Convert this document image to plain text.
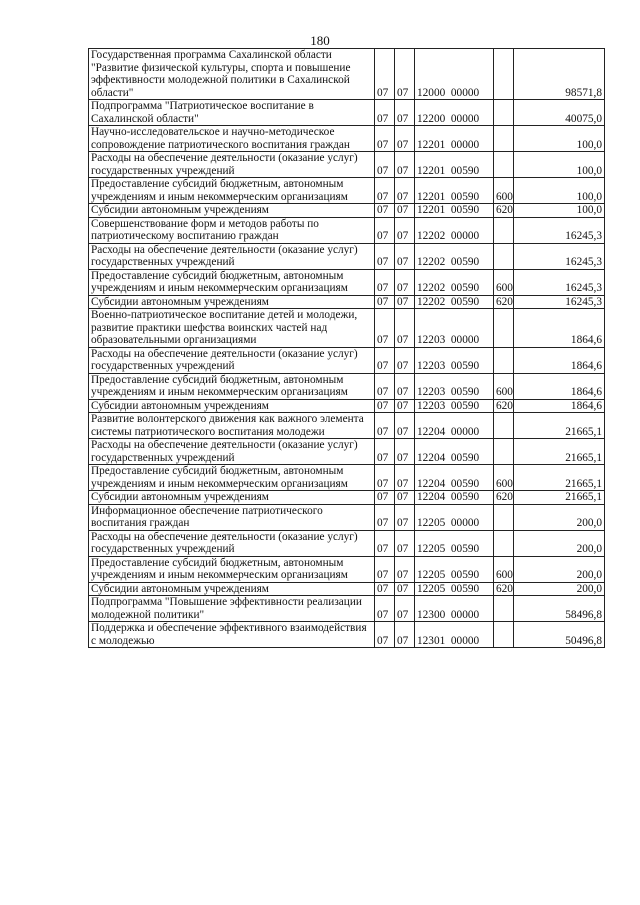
180
Государственная программа Сахалинской области "Развитие физической культуры, спорта и повышение эффективности молодежной политики в Сахалинской области"	07	07	12000  00000		98571,8
Подпрограмма "Патриотическое воспитание в Сахалинской области"	07	07	12200  00000		40075,0
Научно-исследовательское и научно-методическое сопровождение патриотического воспитания граждан	07	07	12201  00000		100,0
Расходы на обеспечение деятельности (оказание услуг) государственных учреждений	07	07	12201  00590		100,0
Предоставление субсидий бюджетным, автономным учреждениям и иным некоммерческим организациям	07	07	12201  00590	600	100,0
Субсидии автономным учреждениям	07	07	12201  00590	620	100,0
Совершенствование форм и методов работы по патриотическому воспитанию граждан	07	07	12202  00000		16245,3
Расходы на обеспечение деятельности (оказание услуг) государственных учреждений	07	07	12202  00590		16245,3
Предоставление субсидий бюджетным, автономным учреждениям и иным некоммерческим организациям	07	07	12202  00590	600	16245,3
Субсидии автономным учреждениям	07	07	12202  00590	620	16245,3
Военно-патриотическое воспитание детей и молодежи, развитие практики шефства воинских частей над образовательными организациями	07	07	12203  00000		1864,6
Расходы на обеспечение деятельности (оказание услуг) государственных учреждений	07	07	12203  00590		1864,6
Предоставление субсидий бюджетным, автономным учреждениям и иным некоммерческим организациям	07	07	12203  00590	600	1864,6
Субсидии автономным учреждениям	07	07	12203  00590	620	1864,6
Развитие волонтерского движения как важного элемента системы патриотического воспитания молодежи	07	07	12204  00000		21665,1
Расходы на обеспечение деятельности (оказание услуг) государственных учреждений	07	07	12204  00590		21665,1
Предоставление субсидий бюджетным, автономным учреждениям и иным некоммерческим организациям	07	07	12204  00590	600	21665,1
Субсидии автономным учреждениям	07	07	12204  00590	620	21665,1
Информационное обеспечение патриотического воспитания граждан	07	07	12205  00000		200,0
Расходы на обеспечение деятельности (оказание услуг) государственных учреждений	07	07	12205  00590		200,0
Предоставление субсидий бюджетным, автономным учреждениям и иным некоммерческим организациям	07	07	12205  00590	600	200,0
Субсидии автономным учреждениям	07	07	12205  00590	620	200,0
Подпрограмма "Повышение эффективности реализации молодежной политики"	07	07	12300  00000		58496,8
Поддержка и обеспечение эффективного взаимодействия с молодежью	07	07	12301  00000		50496,8
